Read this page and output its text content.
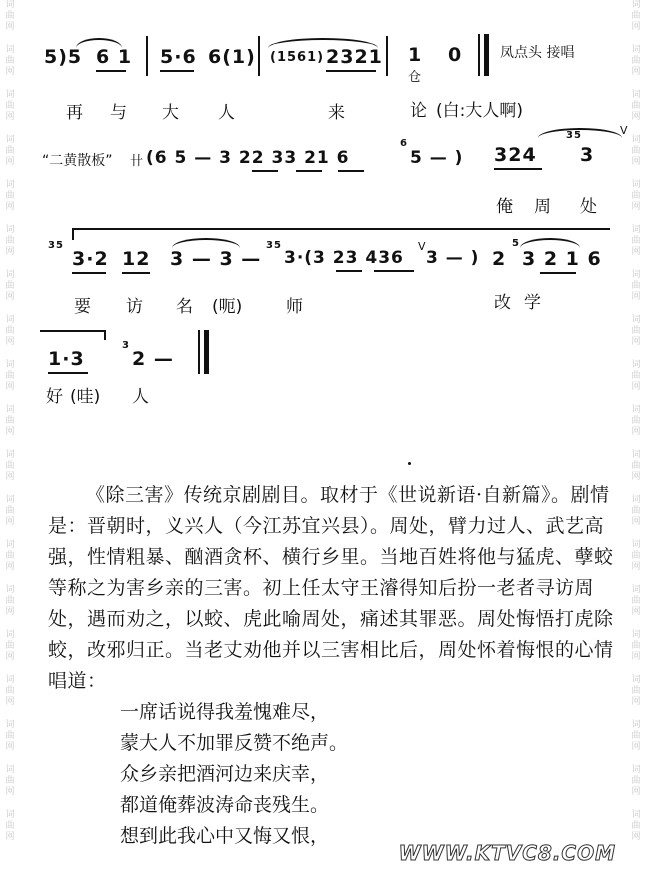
词曲网
词曲网
词曲网
词曲网
词曲网
词曲网
词曲网
词曲网
词曲网
词曲网
词曲网
词曲网
词曲网
词曲网
词曲网
词曲网
词曲网
词曲网
词曲网
词曲网
词曲网
词曲网
词曲网
词曲网
词曲网
词曲网
词曲网
词曲网
词曲网
词曲网
词曲网
词曲网
词曲网
词曲网
词曲网
词曲网
词曲网
词曲网
5)5 6 1 5·6 6(1) (1561) 2321 1
仓
0	凤点头 接唱
再 与 大 人	来	论 (白:大人啊)
“二黄散板” 卄 (6 5 — 3 22 33 21 6
6
5 — ) 324
35
3
V
俺 周 处
35
3·2 12 3 — 3 —
35
3·(3 23 436
V
3 — ) 2
5
3 2 1 6
要 访 名 (呃)	师	改 学
1·3
3
2 —
好 (哇) 人

《除三害》传统京剧剧目。取材于《世说新语·自新篇》。剧情是：晋朝时，义兴人（今江苏宜兴县）。周处，臂力过人、武艺高强，性情粗暴、酗酒贪杯、横行乡里。当地百姓将他与猛虎、孽蛟等称之为害乡亲的三害。初上任太守王濬得知后扮一老者寻访周处，遇而劝之，以蛟、虎此喻周处，痛述其罪恶。周处悔悟打虎除蛟，改邪归正。当老丈劝他并以三害相比后，周处怀着悔恨的心情唱道：

一席话说得我羞愧难尽，
蒙大人不加罪反赞不绝声。
众乡亲把酒河边来庆幸，
都道俺葬波涛命丧残生。
想到此我心中又悔又恨，
WWW.KTVC8.COM
